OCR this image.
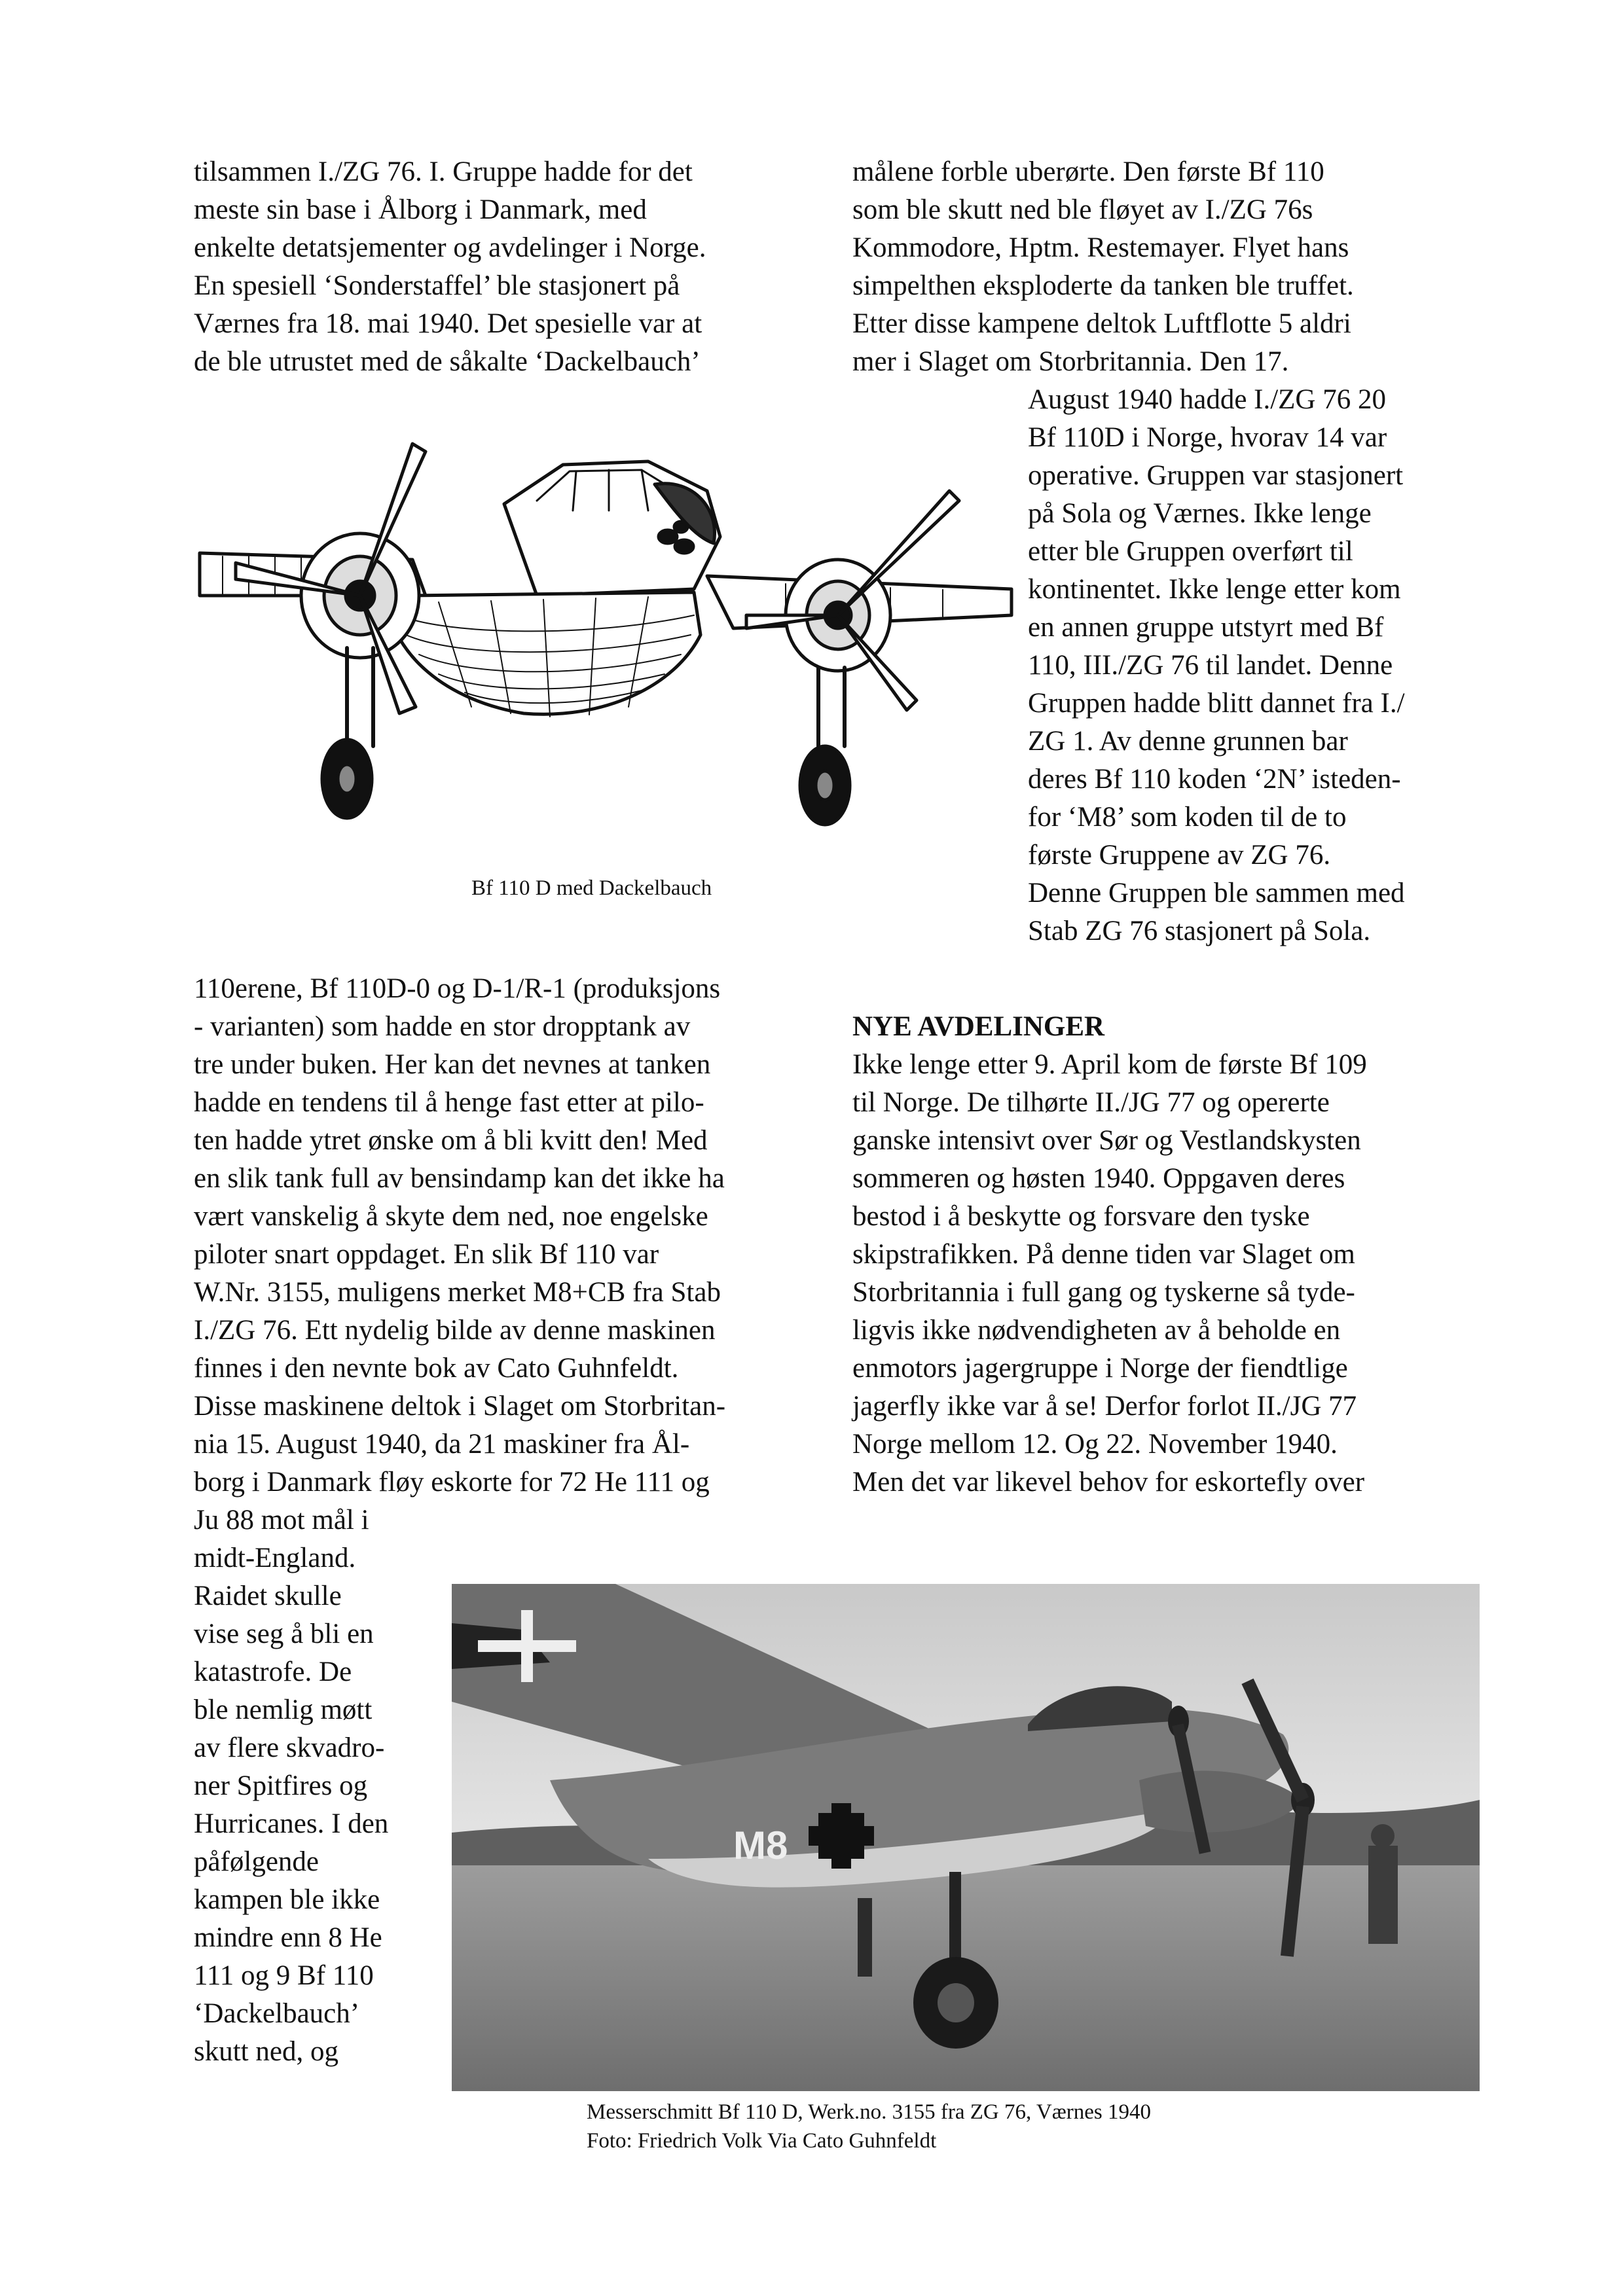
tilsammen I./ZG 76. I. Gruppe hadde for det
meste sin base i Ålborg i Danmark, med
enkelte detatsjementer og avdelinger i Norge.
En spesiell ‘Sonderstaffel’ ble stasjonert på
Værnes fra 18. mai 1940. Det spesielle var at
de ble utrustet med de såkalte ‘Dackelbauch’
målene forble uberørte. Den første Bf 110
som ble skutt ned ble fløyet av I./ZG 76s
Kommodore, Hptm. Restemayer. Flyet hans
simpelthen eksploderte da tanken ble truffet.
Etter disse kampene deltok Luftflotte 5 aldri
mer i Slaget om Storbritannia. Den 17.
August 1940 hadde I./ZG 76 20
Bf 110D i Norge, hvorav 14 var
operative. Gruppen var stasjonert
på Sola og Værnes. Ikke lenge
etter ble Gruppen overført til
kontinentet. Ikke lenge etter kom
en annen gruppe utstyrt med Bf
110, III./ZG 76 til landet. Denne
Gruppen hadde blitt dannet fra I./
ZG 1. Av denne grunnen bar
deres Bf 110 koden ‘2N’ isteden-
for ‘M8’ som koden til de to
første Gruppene av ZG 76.
Denne Gruppen ble sammen med
Stab ZG 76 stasjonert på Sola.
Bf 110 D med Dackelbauch
110erene, Bf 110D-0 og D-1/R-1 (produksjons
- varianten) som hadde en stor dropptank av
tre under buken. Her kan det nevnes at tanken
hadde en tendens til å henge fast etter at pilo-
ten hadde ytret ønske om å bli kvitt den! Med
en slik tank full av bensindamp kan det ikke ha
vært vanskelig å skyte dem ned, noe engelske
piloter snart oppdaget. En slik Bf 110 var
W.Nr. 3155, muligens merket M8+CB fra Stab
I./ZG 76. Ett nydelig bilde av denne maskinen
finnes i den nevnte bok av Cato Guhnfeldt.
Disse maskinene deltok i Slaget om Storbritan-
nia 15. August 1940, da 21 maskiner fra Ål-
borg i Danmark fløy eskorte for 72 He 111 og
Ju 88 mot mål i
midt-England.
Raidet skulle
vise seg å bli en
katastrofe. De
ble nemlig møtt
av flere skvadro-
ner Spitfires og
Hurricanes. I den
påfølgende
kampen ble ikke
mindre enn 8 He
111 og 9 Bf 110
‘Dackelbauch’
skutt ned, og
NYE AVDELINGER
Ikke lenge etter 9. April kom de første Bf 109
til Norge. De tilhørte II./JG 77 og opererte
ganske intensivt over Sør og Vestlandskysten
sommeren og høsten 1940. Oppgaven deres
bestod i å beskytte og forsvare den tyske
skipstrafikken. På denne tiden var Slaget om
Storbritannia i full gang og tyskerne så tyde-
ligvis ikke nødvendigheten av å beholde en
enmotors jagergruppe i Norge der fiendtlige
jagerfly ikke var å se! Derfor forlot II./JG 77
Norge mellom 12. Og 22. November 1940.
Men det var likevel behov for eskortefly over
M8
Messerschmitt Bf 110 D, Werk.no. 3155 fra ZG 76, Værnes 1940
Foto: Friedrich Volk Via Cato Guhnfeldt
